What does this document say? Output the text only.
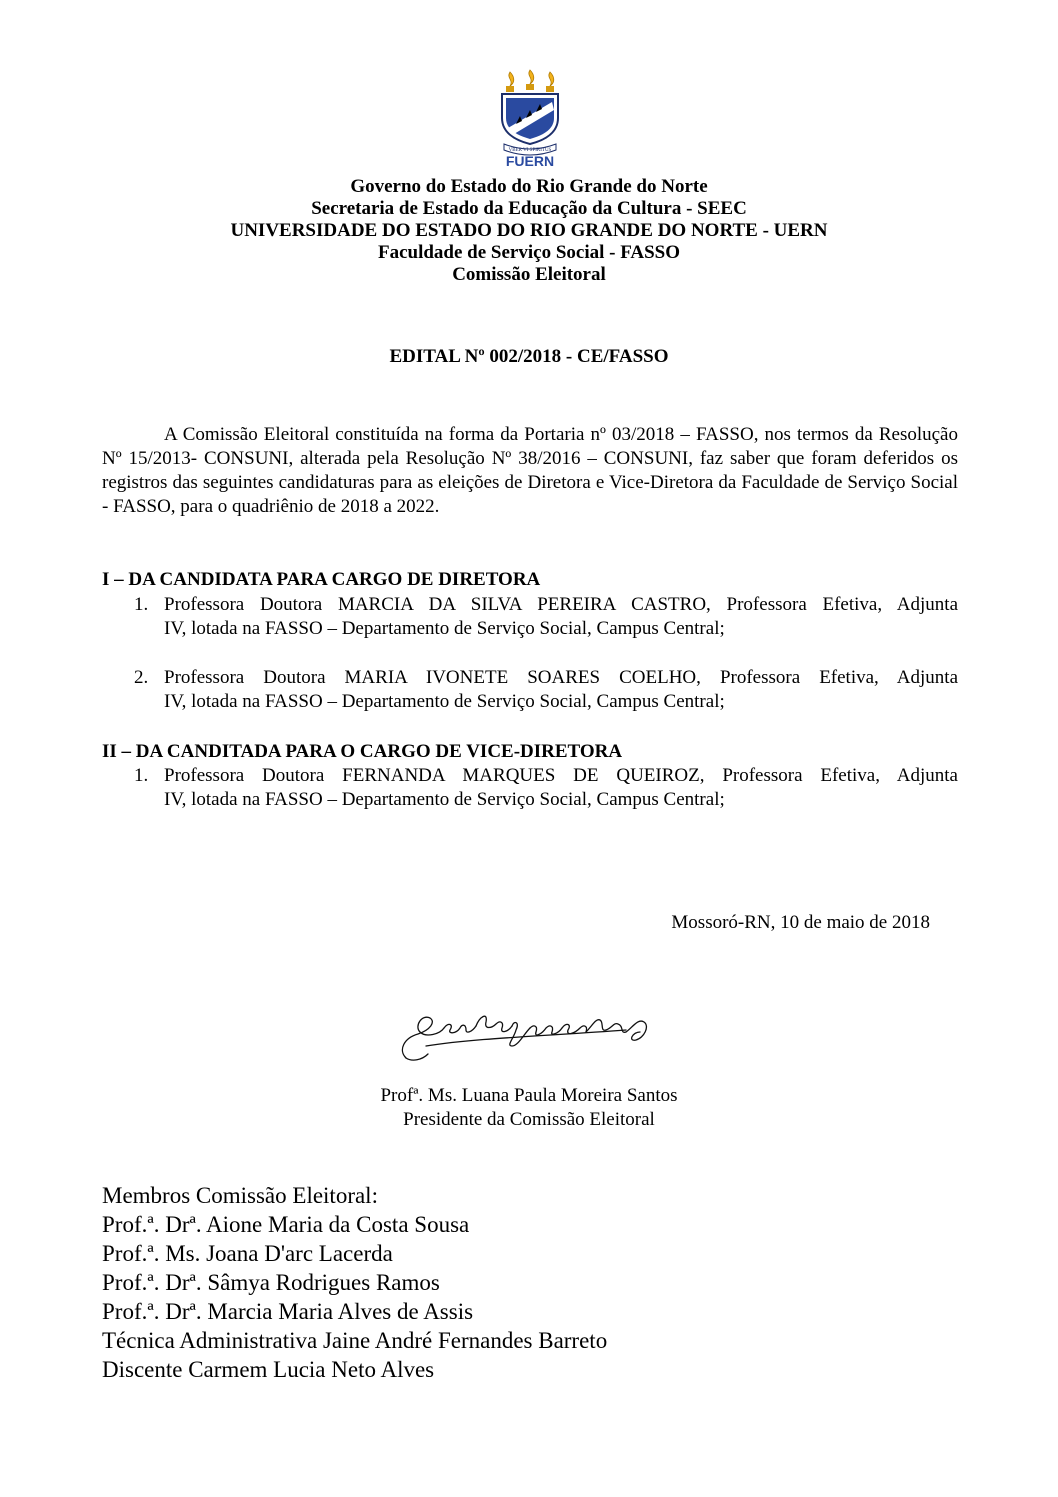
VBER VI SPIRITUS
FUERN
Governo do Estado do Rio Grande do Norte
Secretaria de Estado da Educação da Cultura - SEEC
UNIVERSIDADE DO ESTADO DO RIO GRANDE DO NORTE - UERN
Faculdade de Serviço Social - FASSO
Comissão Eleitoral
EDITAL Nº 002/2018 - CE/FASSO
A Comissão Eleitoral constituída na forma da Portaria nº 03/2018 – FASSO, nos termos da Resolução Nº 15/2013- CONSUNI, alterada pela Resolução Nº 38/2016 – CONSUNI, faz saber que foram deferidos os registros das seguintes candidaturas para as eleições de Diretora e Vice-Diretora da Faculdade de Serviço Social - FASSO, para o quadriênio de 2018 a 2022.
I – DA CANDIDATA PARA CARGO DE DIRETORA
1. Professora Doutora MARCIA DA SILVA PEREIRA CASTRO, Professora Efetiva, Adjunta
IV, lotada na FASSO – Departamento de Serviço Social, Campus Central;
2. Professora Doutora MARIA IVONETE SOARES COELHO, Professora Efetiva, Adjunta
IV, lotada na FASSO – Departamento de Serviço Social, Campus Central;
II – DA CANDITADA PARA O CARGO DE VICE-DIRETORA
1. Professora Doutora FERNANDA MARQUES DE QUEIROZ, Professora Efetiva, Adjunta
IV, lotada na FASSO – Departamento de Serviço Social, Campus Central;
Mossoró-RN, 10 de maio de 2018
Profª. Ms. Luana Paula Moreira Santos
Presidente da Comissão Eleitoral
Membros Comissão Eleitoral:
Prof.ª. Drª. Aione Maria da Costa Sousa
Prof.ª. Ms. Joana D'arc Lacerda
Prof.ª. Drª. Sâmya Rodrigues Ramos
Prof.ª. Drª. Marcia Maria Alves de Assis
Técnica Administrativa Jaine André Fernandes Barreto
Discente Carmem Lucia Neto Alves
